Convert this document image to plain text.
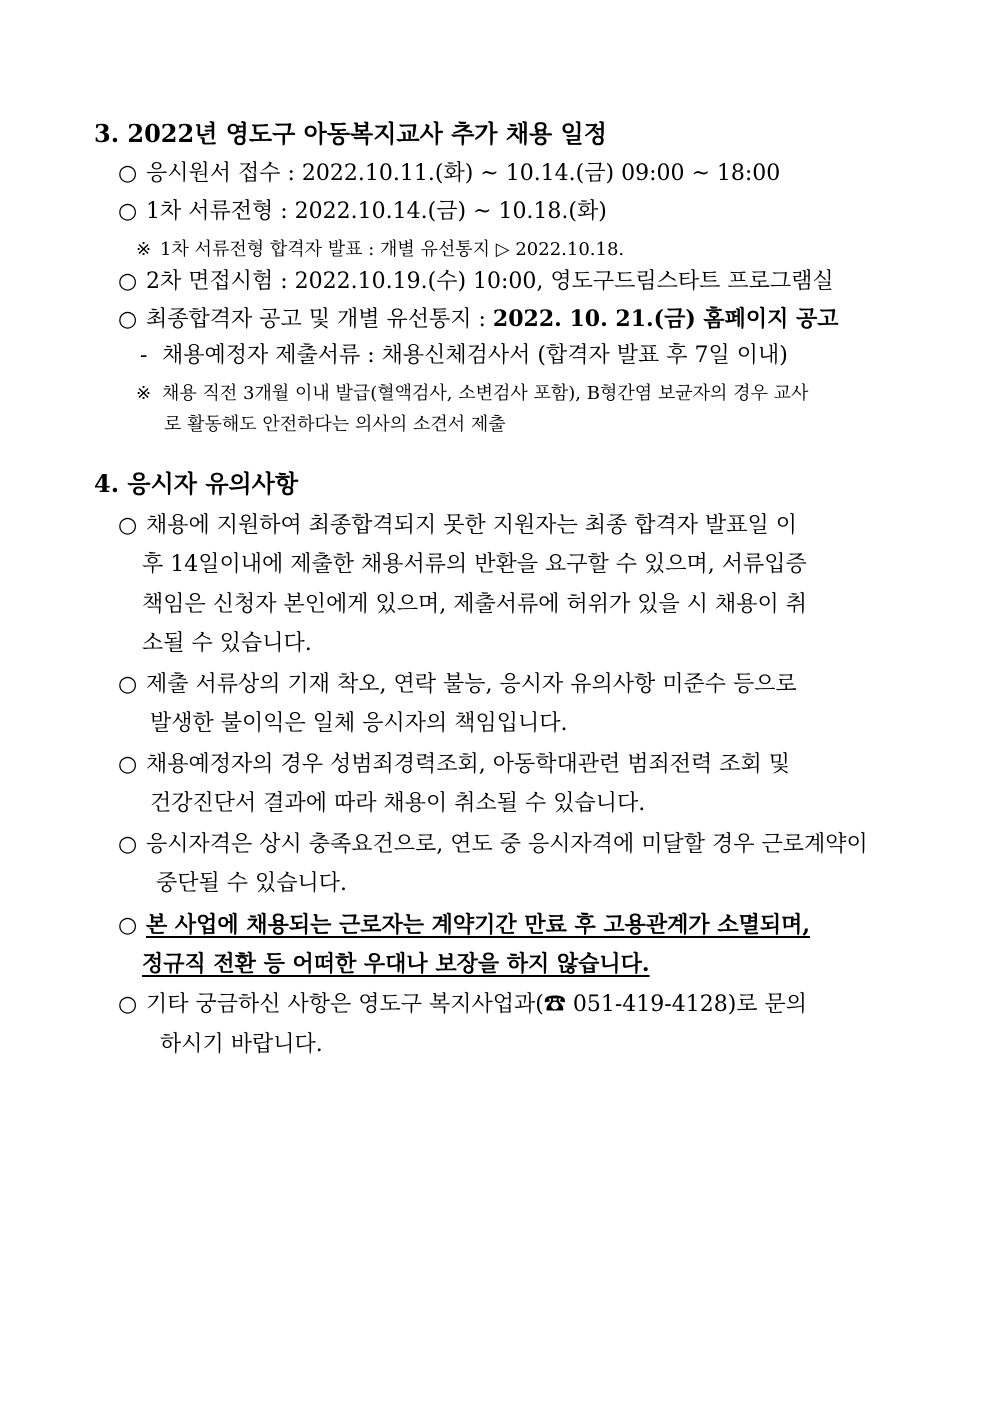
3. 2022년 영도구 아동복지교사 추가 채용 일정
○ 응시원서 접수 : 2022.10.11.(화) ~ 10.14.(금) 09:00 ~ 18:00
○ 1차 서류전형 : 2022.10.14.(금) ~ 10.18.(화)
※ 1차 서류전형 합격자 발표 : 개별 유선통지 ▷ 2022.10.18.
○ 2차 면접시험 : 2022.10.19.(수) 10:00, 영도구드림스타트 프로그램실
○ 최종합격자 공고 및 개별 유선통지 : 2022. 10. 21.(금) 홈페이지 공고
- 채용예정자 제출서류 : 채용신체검사서 (합격자 발표 후 7일 이내)
※ 채용 직전 3개월 이내 발급(혈액검사, 소변검사 포함), B형간염 보균자의 경우 교사
로 활동해도 안전하다는 의사의 소견서 제출
4. 응시자 유의사항
○ 채용에 지원하여 최종합격되지 못한 지원자는 최종 합격자 발표일 이
후 14일이내에 제출한 채용서류의 반환을 요구할 수 있으며, 서류입증
책임은 신청자 본인에게 있으며, 제출서류에 허위가 있을 시 채용이 취
소될 수 있습니다.
○ 제출 서류상의 기재 착오, 연락 불능, 응시자 유의사항 미준수 등으로
발생한 불이익은 일체 응시자의 책임입니다.
○ 채용예정자의 경우 성범죄경력조회, 아동학대관련 범죄전력 조회 및
건강진단서 결과에 따라 채용이 취소될 수 있습니다.
○ 응시자격은 상시 충족요건으로, 연도 중 응시자격에 미달할 경우 근로계약이
중단될 수 있습니다.
○ 본 사업에 채용되는 근로자는 계약기간 만료 후 고용관계가 소멸되며,
정규직 전환 등 어떠한 우대나 보장을 하지 않습니다.
○ 기타 궁금하신 사항은 영도구 복지사업과(☎ 051-419-4128)로 문의
하시기 바랍니다.
